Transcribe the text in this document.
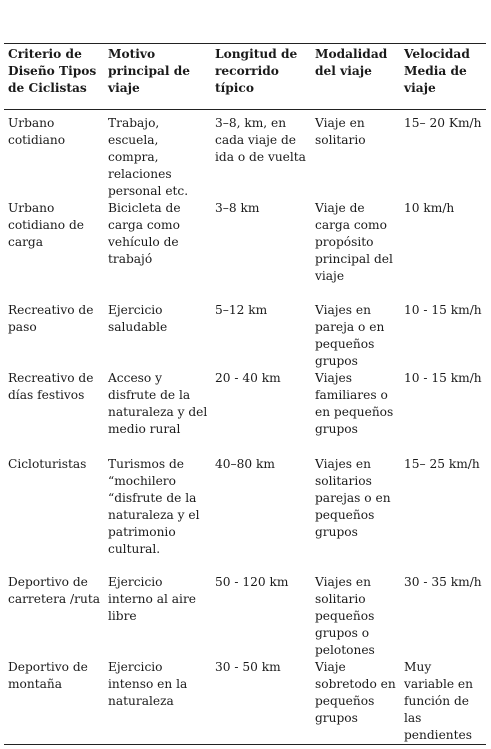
Criterio de Diseño Tipos de Ciclistas	Motivo principal de viaje	Longitud de recorrido típico	Modalidad del viaje	Velocidad Media de viaje
Urbano cotidiano	Trabajo, escuela, compra, relaciones personal etc.	3–8, km, en cada viaje de ida o de vuelta	Viaje en solitario	15– 20 Km/h
Urbano cotidiano de carga	Bicicleta de carga como vehículo de trabajó	3–8 km	Viaje de carga como propósito principal del viaje	10 km/h
Recreativo de paso	Ejercicio saludable	5–12 km	Viajes en pareja o en pequeños grupos	10 - 15 km/h
Recreativo de días festivos	Acceso y disfrute de la naturaleza y del medio rural	20 - 40 km	Viajes familiares o en pequeños grupos	10 - 15 km/h
Cicloturistas	Turismos de “mochilero “disfrute de la naturaleza y el patrimonio cultural.	40–80 km	Viajes en solitarios parejas o en pequeños grupos	15– 25 km/h
Deportivo de carretera /ruta	Ejercicio interno al aire libre	50 - 120 km	Viajes en solitario pequeños grupos o pelotones	30 - 35 km/h
Deportivo de montaña	Ejercicio intenso en la naturaleza	30 - 50 km	Viaje sobretodo en pequeños grupos	Muy variable en función de las pendientes
